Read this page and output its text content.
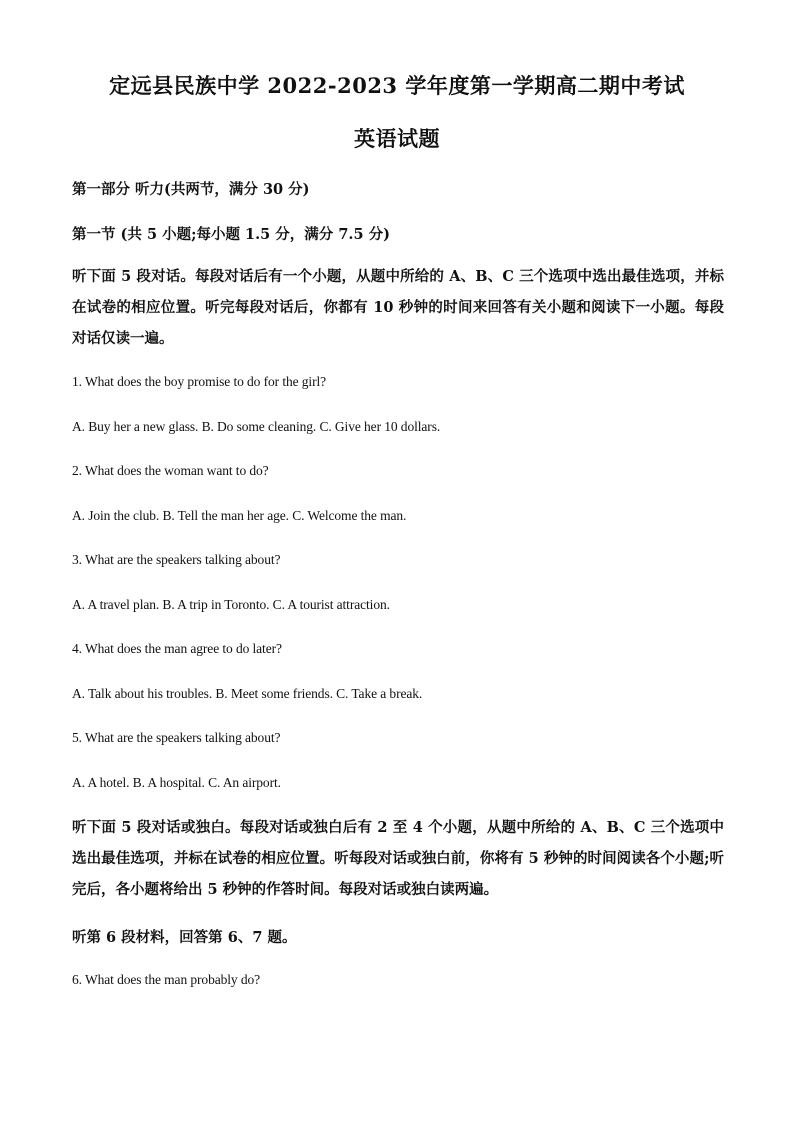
定远县民族中学 2022-2023 学年度第一学期高二期中考试
英语试题
第一部分 听力(共两节，满分 30 分)
第一节 (共 5 小题;每小题 1.5 分，满分 7.5 分)
听下面 5 段对话。每段对话后有一个小题，从题中所给的 A、B、C 三个选项中选出最佳选项，并标在试卷的相应位置。听完每段对话后，你都有 10 秒钟的时间来回答有关小题和阅读下一小题。每段对话仅读一遍。
1. What does the boy promise to do for the girl?
A. Buy her a new glass. B. Do some cleaning. C. Give her 10 dollars.
2. What does the woman want to do?
A. Join the club. B. Tell the man her age. C. Welcome the man.
3. What are the speakers talking about?
A. A travel plan. B. A trip in Toronto. C. A tourist attraction.
4. What does the man agree to do later?
A. Talk about his troubles. B. Meet some friends. C. Take a break.
5. What are the speakers talking about?
A. A hotel. B. A hospital. C. An airport.
听下面 5 段对话或独白。每段对话或独白后有 2 至 4 个小题，从题中所给的 A、B、C 三个选项中选出最佳选项，并标在试卷的相应位置。听每段对话或独白前，你将有 5 秒钟的时间阅读各个小题;听完后，各小题将给出 5 秒钟的作答时间。每段对话或独白读两遍。
听第 6 段材料，回答第 6、7 题。
6. What does the man probably do?
